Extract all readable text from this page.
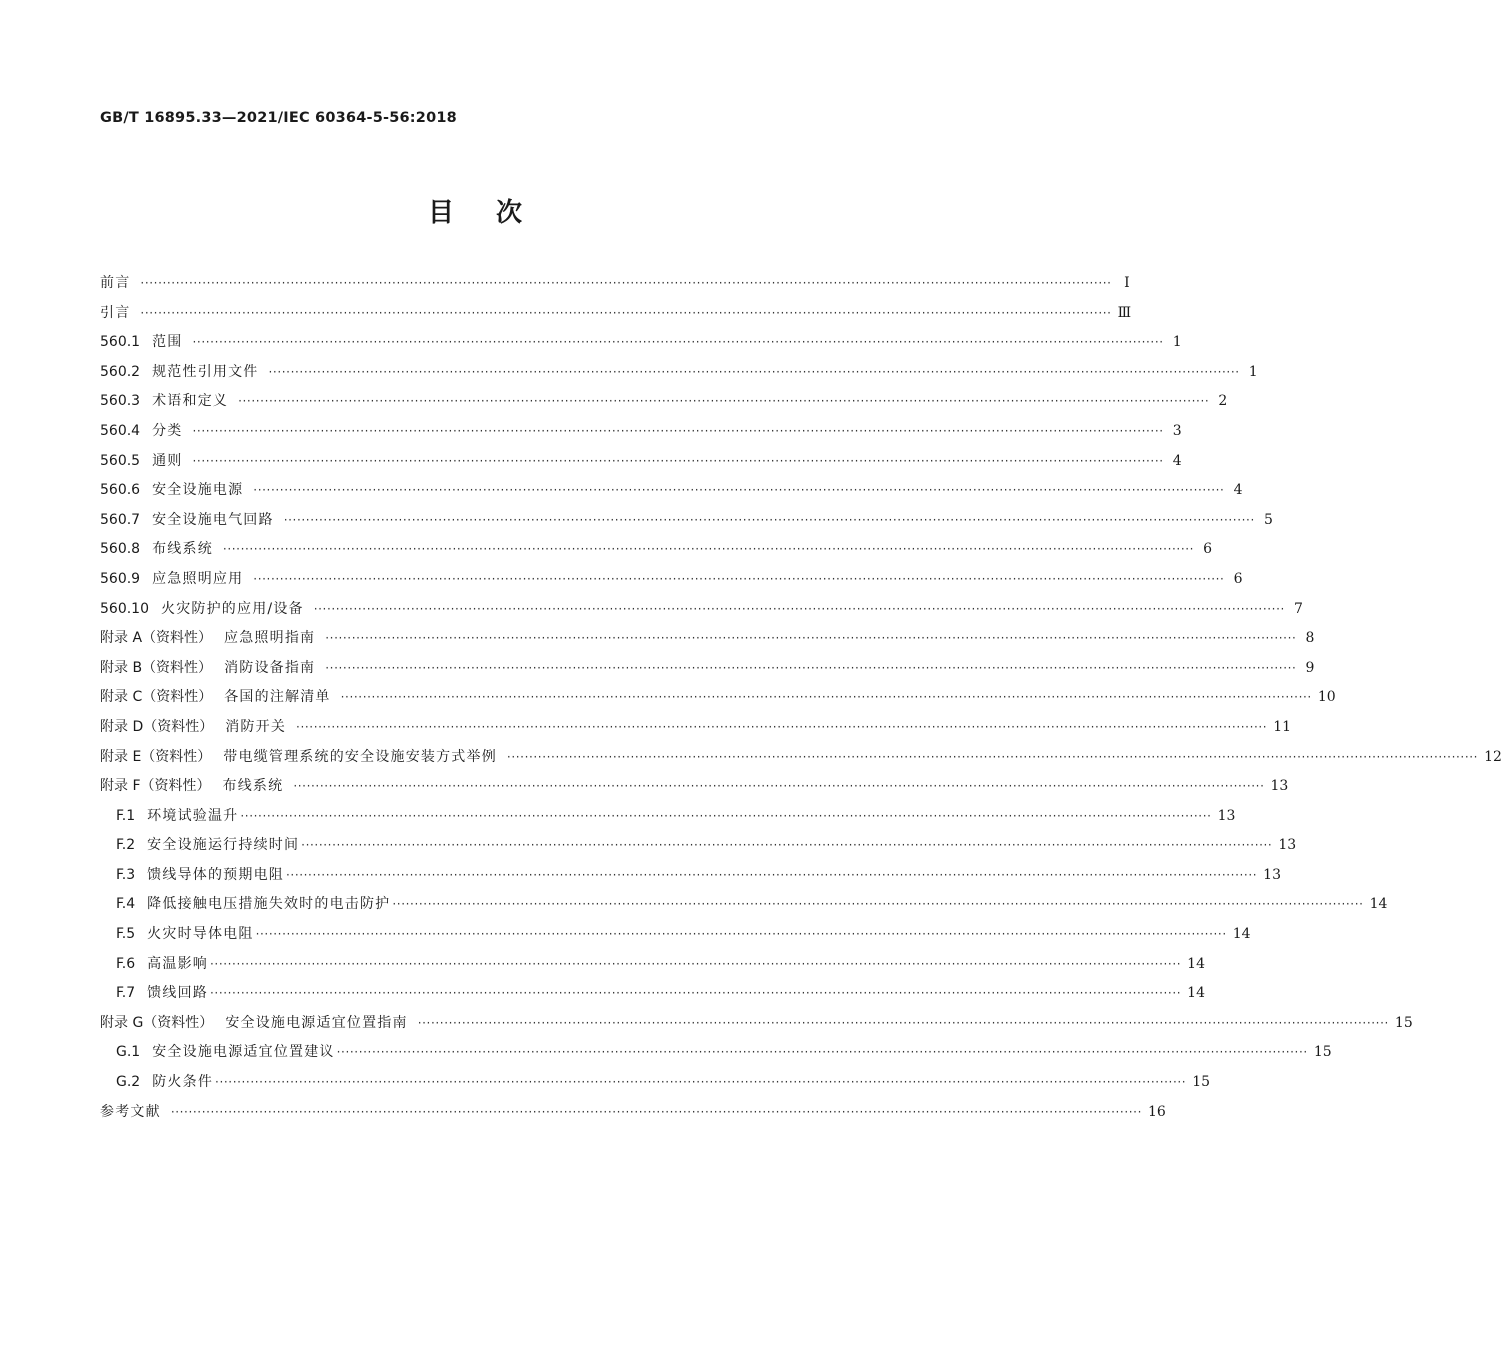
GB/T 16895.33—2021/IEC 60364-5-56:2018
目次
前言 ···························································································································································································································· Ⅰ
引言 ···························································································································································································································· Ⅲ
560.1 范围 ···························································································································································································································· 1
560.2 规范性引用文件 ···························································································································································································································· 1
560.3 术语和定义 ···························································································································································································································· 2
560.4 分类 ···························································································································································································································· 3
560.5 通则 ···························································································································································································································· 4
560.6 安全设施电源 ···························································································································································································································· 4
560.7 安全设施电气回路 ···························································································································································································································· 5
560.8 布线系统 ···························································································································································································································· 6
560.9 应急照明应用 ···························································································································································································································· 6
560.10 火灾防护的应用/设备 ···························································································································································································································· 7
附录 A（资料性） 应急照明指南 ···························································································································································································································· 8
附录 B（资料性） 消防设备指南 ···························································································································································································································· 9
附录 C（资料性） 各国的注解清单 ···························································································································································································································· 10
附录 D（资料性） 消防开关 ···························································································································································································································· 11
附录 E（资料性） 带电缆管理系统的安全设施安装方式举例 ···························································································································································································································· 12
附录 F（资料性） 布线系统 ···························································································································································································································· 13
F.1 环境试验温升 ···························································································································································································································· 13
F.2 安全设施运行持续时间 ···························································································································································································································· 13
F.3 馈线导体的预期电阻 ···························································································································································································································· 13
F.4 降低接触电压措施失效时的电击防护 ···························································································································································································································· 14
F.5 火灾时导体电阻 ···························································································································································································································· 14
F.6 高温影响 ···························································································································································································································· 14
F.7 馈线回路 ···························································································································································································································· 14
附录 G（资料性） 安全设施电源适宜位置指南 ···························································································································································································································· 15
G.1 安全设施电源适宜位置建议 ···························································································································································································································· 15
G.2 防火条件 ···························································································································································································································· 15
参考文献 ···························································································································································································································· 16
